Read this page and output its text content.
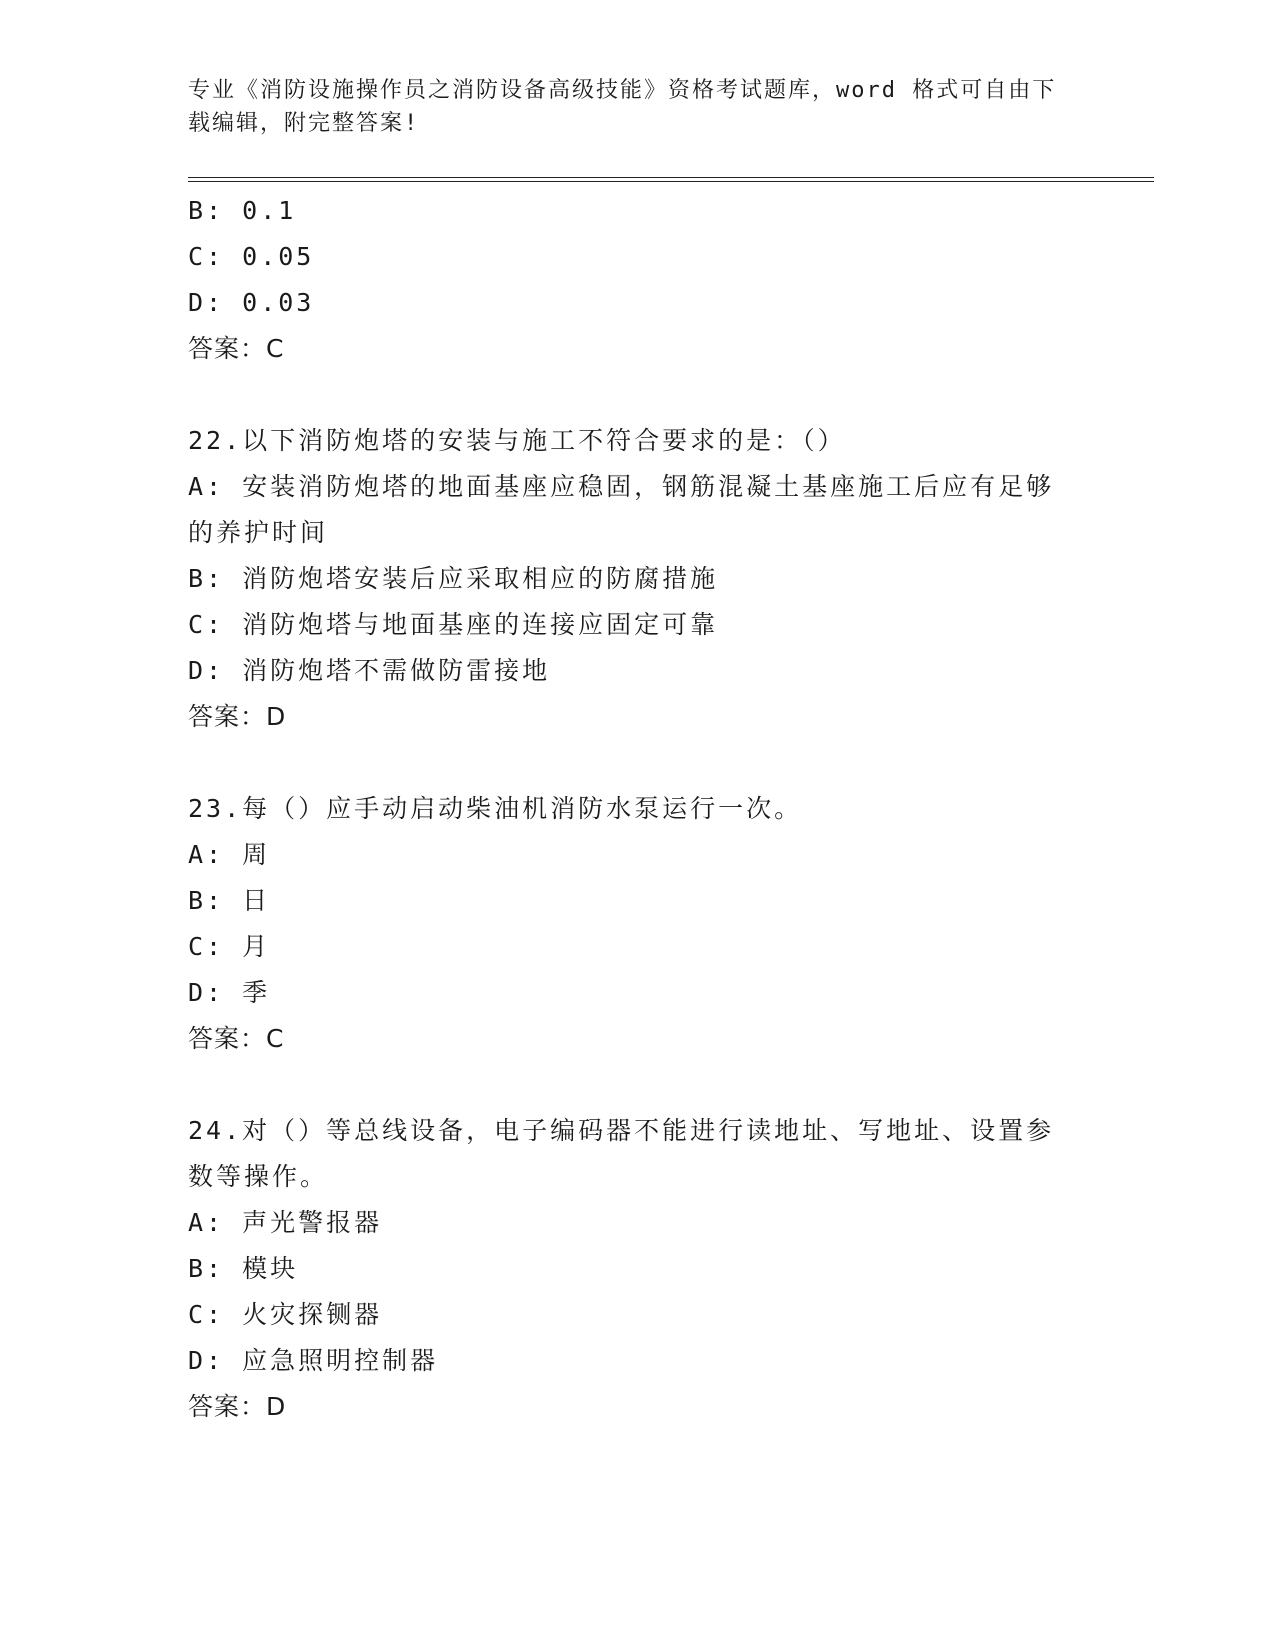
专业《消防设施操作员之消防设备高级技能》资格考试题库，word 格式可自由下
载编辑，附完整答案!
B: 0.1
C: 0.05
D: 0.03
答案：C
22.以下消防炮塔的安装与施工不符合要求的是：（）
A: 安装消防炮塔的地面基座应稳固，钢筋混凝土基座施工后应有足够
的养护时间
B: 消防炮塔安装后应采取相应的防腐措施
C: 消防炮塔与地面基座的连接应固定可靠
D: 消防炮塔不需做防雷接地
答案：D
23.每（）应手动启动柴油机消防水泵运行一次。
A: 周
B: 日
C: 月
D: 季
答案：C
24.对（）等总线设备，电子编码器不能进行读地址、写地址、设置参
数等操作。
A: 声光警报器
B: 模块
C: 火灾探铡器
D: 应急照明控制器
答案：D
